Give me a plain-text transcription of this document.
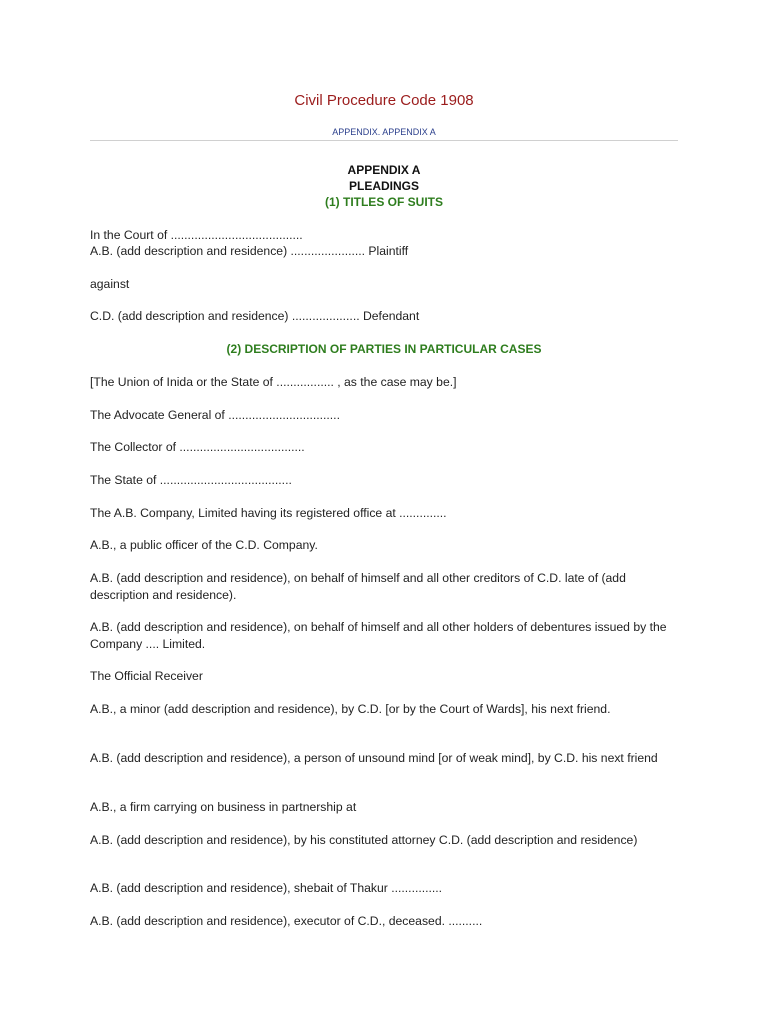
Civil Procedure Code 1908
APPENDIX. APPENDIX A
APPENDIX A
PLEADINGS
(1) TITLES OF SUITS
In the Court of .......................................
A.B. (add description and residence) ...................... Plaintiff
against
C.D. (add description and residence) .................... Defendant
(2) DESCRIPTION OF PARTIES IN PARTICULAR CASES
[The Union of Inida or the State of ................. , as the case may be.]
The Advocate General of .................................
The Collector of .....................................
The State of .......................................
The A.B. Company, Limited having its registered office at ..............
A.B., a public officer of the C.D. Company.
A.B. (add description and residence), on behalf of himself and all other creditors of C.D. late of (add description and residence).
A.B. (add description and residence), on behalf of himself and all other holders of debentures issued by the Company .... Limited.
The Official Receiver
A.B., a minor (add description and residence), by C.D. [or by the Court of Wards], his next friend.
A.B. (add description and residence), a person of unsound mind [or of weak mind], by C.D. his next friend
A.B., a firm carrying on business in partnership at
A.B. (add description and residence), by his constituted attorney C.D. (add description and residence)
A.B. (add description and residence), shebait of Thakur ...............
A.B. (add description and residence), executor of C.D., deceased. ..........
